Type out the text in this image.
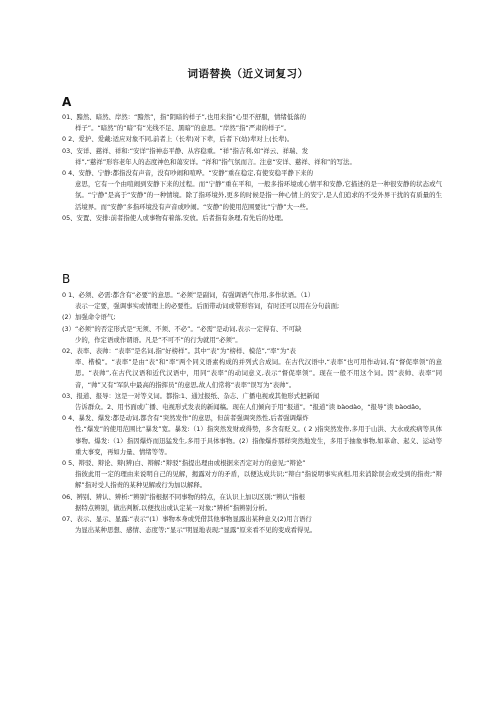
词语替换（近义词复习）
A

01、黯然、暗然、岸然：“黯然”，指“阴暗的样子”,也用来指“心里不舒服，情绪低落的
样子”。“暗然”的“暗”有“光线不足、黑暗”的意思。“岸然”指“严肃的样子”。

0 2、爱护、爱戴:适应对象不同,前者上（长辈)对下辈，后者下(幼)辈对上(长辈)。

03、安详、慈祥、祥和:“安详”指神态平静、从容稳重。“祥”指吉利,如“祥云、祥瑞、发
祥”,“慈祥”形容老年人的态度神色和蔼安详。“祥和”指气氛而言。注意“安详、慈祥、祥和”的写法。

0 4、安静、宁静:都指没有声音，没有吵闹和喧哗。“安静”重在稳定,有使安稳平静下来的
意思，它有一个由喧闹到安静下来的过程。而“宁静”重在平和，一般多指环境或心情平和安静,它描述的是一种很安静的状态或气氛。“宁静”是高于“安静”的一种情境。除了指环境外,更多的时候是指一种心情上的安宁,是人们追求的不受外界干扰的有质量的生活境界。而“安静”多指环境没有声音或吵闹。“安静”的使用范围要比“宁静”大一些。

05、安置、安排:前者指使人或事物有着落,安放。后者指有条理,有先后的处理。

B

0 1、必须、必需:都含有“必要”的意思。“必须”是副词，有强调语气作用,多作状语。（1）
表示一定要，强调事实或情理上的必要性。后面带动词或带形容词，有时还可以用在分句前面;

(2）加强命令语气;

(3）“必须”的否定形式是“无须、不须、不必”。“必需”是动词,表示一定得有、不可缺
少的，作定语或作谓语。凡是“不可不”的行为就用“必须”。

02、表率、表帅：“表率”是名词,指“好榜样”。其中“表”为“榜样、模范”,“率”为“表
率、楷模”。“表率”是由“表”和“率”两个同义语素构成的并列式合成词。在古代汉语中,“表率”也可用作动词,有“督促率领”的意思。“表帅”,在古代汉语和近代汉语中，用同“表率”的动词意义,表示“督促率领”。现在一般不用这个词。因“表帅、表率”同音，“帅”又有“军队中最高的指挥员”的意思,故人们常将“表率”误写为“表帅”。

03、报道、报导：这是一对等义词。都指:1、通过报纸、杂志、广播电视或其他形式把新闻
告诉群众。2、用书面或广播、电视形式发表的新闻稿。现在人们倾向于用“报道”。“报道”读 bàodào，“报导”读 bàodǎo。

0 4、暴发、爆发:都是动词,都含有“突然发作”的意思，但前者强调突然性,后者强调爆炸
性,“爆发”的使用范围比“暴发”宽。暴发:（1）指突然发财或得势，多含有贬义。( 2 )指突然发作,多用于山洪、大水或疾病等具体事物。爆发:（1）指因爆炸而迅猛发生,多用于具体事物。(2）指像爆炸那样突然地发生，多用于抽象事物,如革命、起义、运动等重大事变，再如力量、情绪等等。

0 5、辩驳、辩论、辩(辨)白、辩解:“辩驳”指提出理由或根据来否定对方的意见;“辩论”
指彼此用一定的理由来说明自己的见解，揭露对方的矛盾，以便达成共识;“辩白”指说明事实真相,用来消除误会或受到的指责;“辩解”指对受人指责的某种见解或行为加以解释。

06、辨别、辨认、辨析:“辨别”指根据不同事物的特点，在认识上加以区别;“辨认”指根
据特点辨别，做出判断,以便找出或认定某一对象;“辨析”指辨别分析。

07、表示、显示、显露:“表示”(1）事物本身或凭借其他事物显露出某种意义(2)用言语行
为显出某种思想、感情、态度等;“显示”明显地表现;“显露”原来看不见的变成看得见。
